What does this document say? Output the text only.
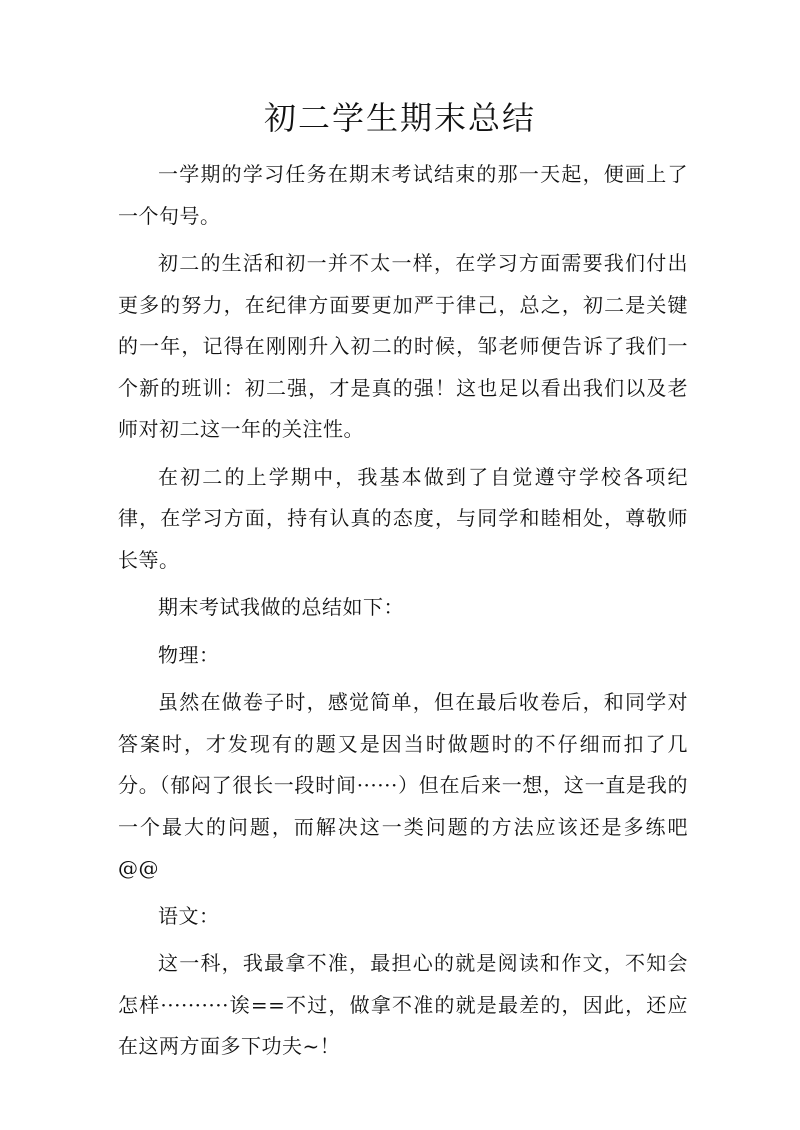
初二学生期末总结

一学期的学习任务在期末考试结束的那一天起，便画上了一个句号。

初二的生活和初一并不太一样，在学习方面需要我们付出更多的努力，在纪律方面要更加严于律己，总之，初二是关键的一年，记得在刚刚升入初二的时候，邹老师便告诉了我们一个新的班训：初二强，才是真的强！这也足以看出我们以及老师对初二这一年的关注性。

在初二的上学期中，我基本做到了自觉遵守学校各项纪律，在学习方面，持有认真的态度，与同学和睦相处，尊敬师长等。

期末考试我做的总结如下：

物理：

虽然在做卷子时，感觉简单，但在最后收卷后，和同学对答案时，才发现有的题又是因当时做题时的不仔细而扣了几分。（郁闷了很长一段时间······）但在后来一想，这一直是我的一个最大的问题，而解决这一类问题的方法应该还是多练吧@@

语文：

这一科，我最拿不准，最担心的就是阅读和作文，不知会怎样··········诶==不过，做拿不准的就是最差的，因此，还应在这两方面多下功夫~！
